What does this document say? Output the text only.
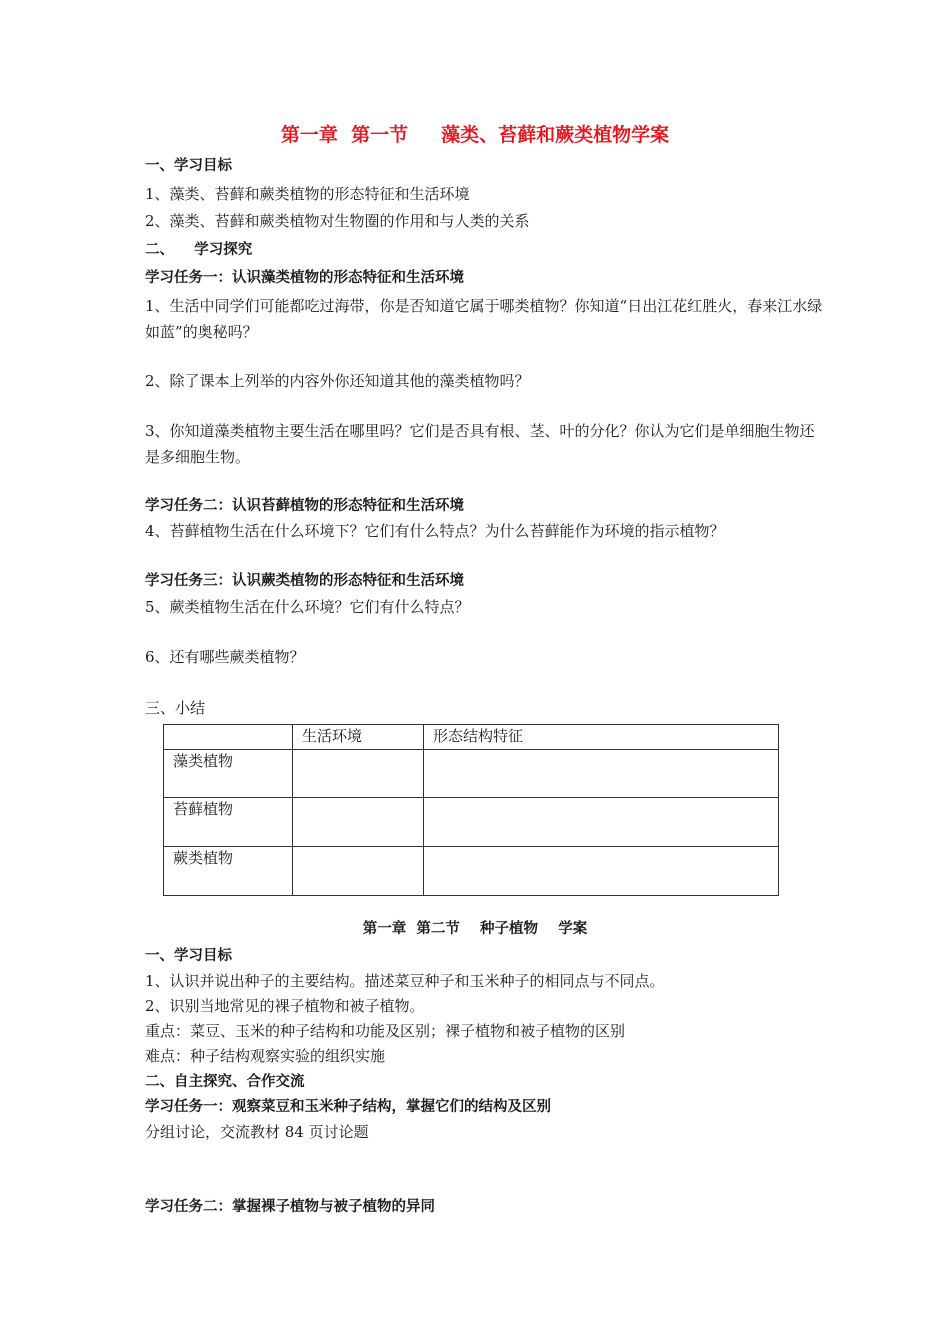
第一章  第一节     藻类、苔藓和蕨类植物学案
一、学习目标
1、藻类、苔藓和蕨类植物的形态特征和生活环境
2、藻类、苔藓和蕨类植物对生物圈的作用和与人类的关系
二、    学习探究
学习任务一：认识藻类植物的形态特征和生活环境
1、生活中同学们可能都吃过海带，你是否知道它属于哪类植物？你知道“日出江花红胜火，春来江水绿如蓝”的奥秘吗？
2、除了课本上列举的内容外你还知道其他的藻类植物吗？
3、你知道藻类植物主要生活在哪里吗？它们是否具有根、茎、叶的分化？你认为它们是单细胞生物还是多细胞生物。
学习任务二：认识苔藓植物的形态特征和生活环境
4、苔藓植物生活在什么环境下？它们有什么特点？为什么苔藓能作为环境的指示植物？
学习任务三：认识蕨类植物的形态特征和生活环境
5、蕨类植物生活在什么环境？它们有什么特点？
6、还有哪些蕨类植物？
三、小结
	生活环境	形态结构特征
藻类植物		
苔藓植物		
蕨类植物		
第一章  第二节    种子植物    学案
一、学习目标
1、认识并说出种子的主要结构。描述菜豆种子和玉米种子的相同点与不同点。
2、识别当地常见的裸子植物和被子植物。
重点：菜豆、玉米的种子结构和功能及区别；裸子植物和被子植物的区别
难点：种子结构观察实验的组织实施
二、自主探究、合作交流
学习任务一：观察菜豆和玉米种子结构，掌握它们的结构及区别
分组讨论，交流教材 84 页讨论题
学习任务二：掌握裸子植物与被子植物的异同
